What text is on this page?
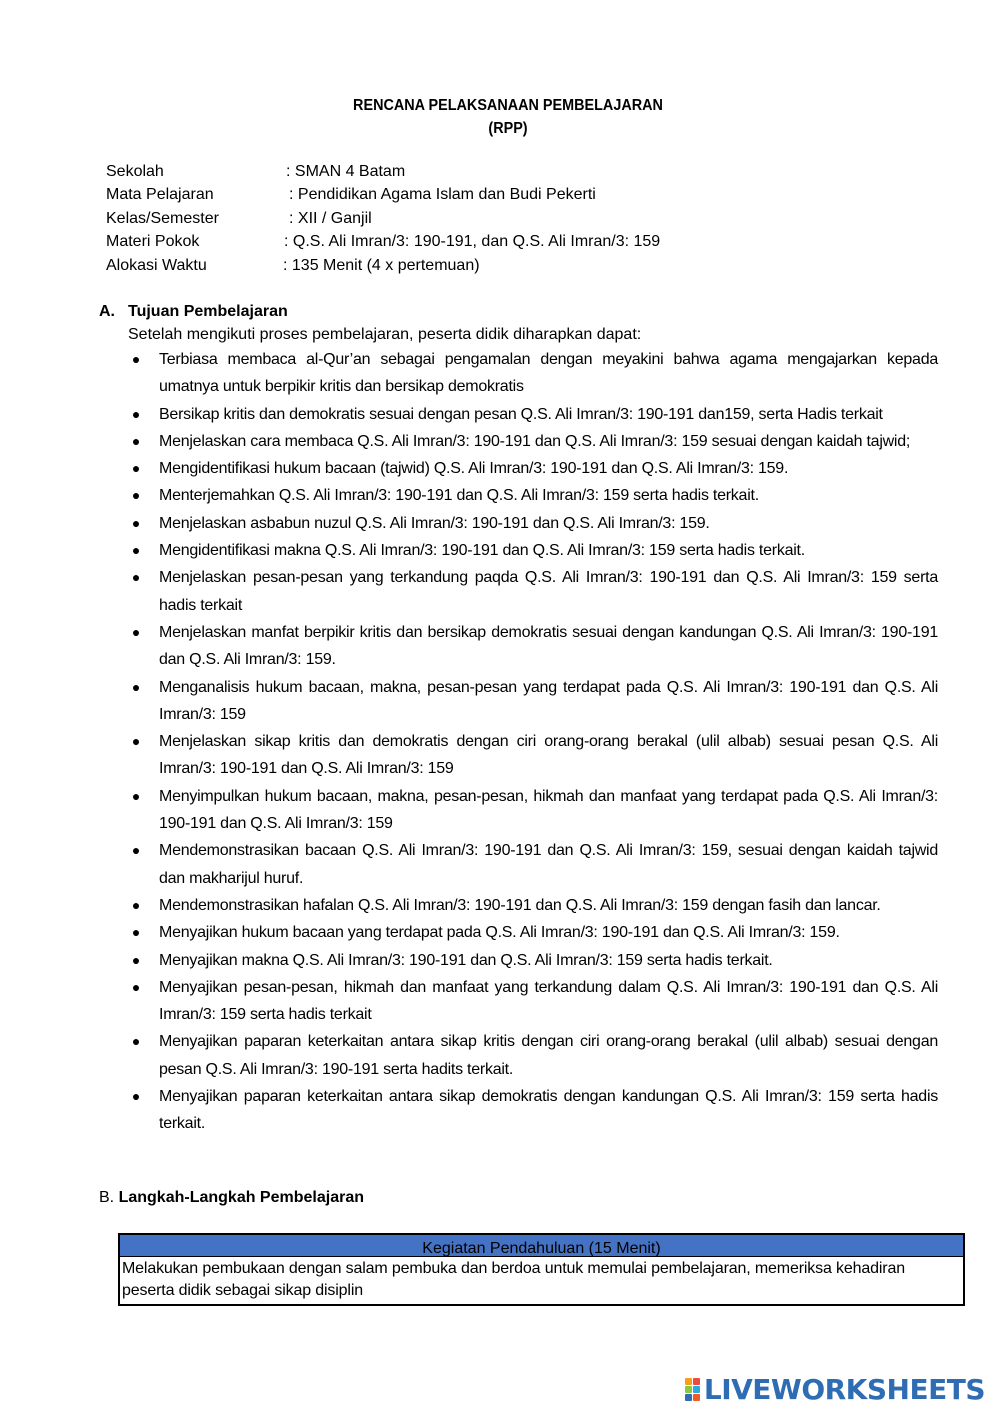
RENCANA PELAKSANAAN PEMBELAJARAN
(RPP)
Sekolah	: SMAN 4 Batam
Mata Pelajaran	: Pendidikan Agama Islam dan Budi Pekerti
Kelas/Semester	: XII / Ganjil
Materi Pokok	: Q.S. Ali Imran/3: 190-191, dan Q.S. Ali Imran/3: 159
Alokasi Waktu	: 135 Menit (4 x pertemuan)
A. Tujuan Pembelajaran
Setelah mengikuti proses pembelajaran, peserta didik diharapkan dapat:
● Terbiasa membaca al-Qur’an sebagai pengamalan dengan meyakini bahwa agama mengajarkan kepada umatnya untuk berpikir kritis dan bersikap demokratis
● Bersikap kritis dan demokratis sesuai dengan pesan Q.S. Ali Imran/3: 190-191 dan159, serta Hadis terkait
● Menjelaskan cara membaca Q.S. Ali Imran/3: 190-191 dan Q.S. Ali Imran/3: 159 sesuai dengan kaidah tajwid;
● Mengidentifikasi hukum bacaan (tajwid) Q.S. Ali Imran/3: 190-191 dan Q.S. Ali Imran/3: 159.
● Menterjemahkan Q.S. Ali Imran/3: 190-191 dan Q.S. Ali Imran/3: 159 serta hadis terkait.
● Menjelaskan asbabun nuzul Q.S. Ali Imran/3: 190-191 dan Q.S. Ali Imran/3: 159.
● Mengidentifikasi makna Q.S. Ali Imran/3: 190-191 dan Q.S. Ali Imran/3: 159 serta hadis terkait.
● Menjelaskan pesan-pesan yang terkandung paqda Q.S. Ali Imran/3: 190-191 dan Q.S. Ali Imran/3: 159 serta hadis terkait
● Menjelaskan manfat berpikir kritis dan bersikap demokratis sesuai dengan kandungan Q.S. Ali Imran/3: 190-191 dan Q.S. Ali Imran/3: 159.
● Menganalisis hukum bacaan, makna, pesan-pesan yang terdapat pada Q.S. Ali Imran/3: 190-191 dan Q.S. Ali Imran/3: 159
● Menjelaskan sikap kritis dan demokratis dengan ciri orang-orang berakal (ulil albab) sesuai pesan Q.S. Ali Imran/3: 190-191 dan Q.S. Ali Imran/3: 159
● Menyimpulkan hukum bacaan, makna, pesan-pesan, hikmah dan manfaat yang terdapat pada Q.S. Ali Imran/3: 190-191 dan Q.S. Ali Imran/3: 159
● Mendemonstrasikan bacaan Q.S. Ali Imran/3: 190-191 dan Q.S. Ali Imran/3: 159, sesuai dengan kaidah tajwid dan makharijul huruf.
● Mendemonstrasikan hafalan Q.S. Ali Imran/3: 190-191 dan Q.S. Ali Imran/3: 159 dengan fasih dan lancar.
● Menyajikan hukum bacaan yang terdapat pada Q.S. Ali Imran/3: 190-191 dan Q.S. Ali Imran/3: 159.
● Menyajikan makna Q.S. Ali Imran/3: 190-191 dan Q.S. Ali Imran/3: 159 serta hadis terkait.
● Menyajikan pesan-pesan, hikmah dan manfaat yang terkandung dalam Q.S. Ali Imran/3: 190-191 dan Q.S. Ali Imran/3: 159 serta hadis terkait
● Menyajikan paparan keterkaitan antara sikap kritis dengan ciri orang-orang berakal (ulil albab) sesuai dengan pesan Q.S. Ali Imran/3: 190-191 serta hadits terkait.
● Menyajikan paparan keterkaitan antara sikap demokratis dengan kandungan Q.S. Ali Imran/3: 159 serta hadis terkait.
B. Langkah-Langkah Pembelajaran
Kegiatan Pendahuluan (15 Menit)
Melakukan pembukaan dengan salam pembuka dan berdoa untuk memulai pembelajaran, memeriksa kehadiran peserta didik sebagai sikap disiplin
LIVEWORKSHEETS
